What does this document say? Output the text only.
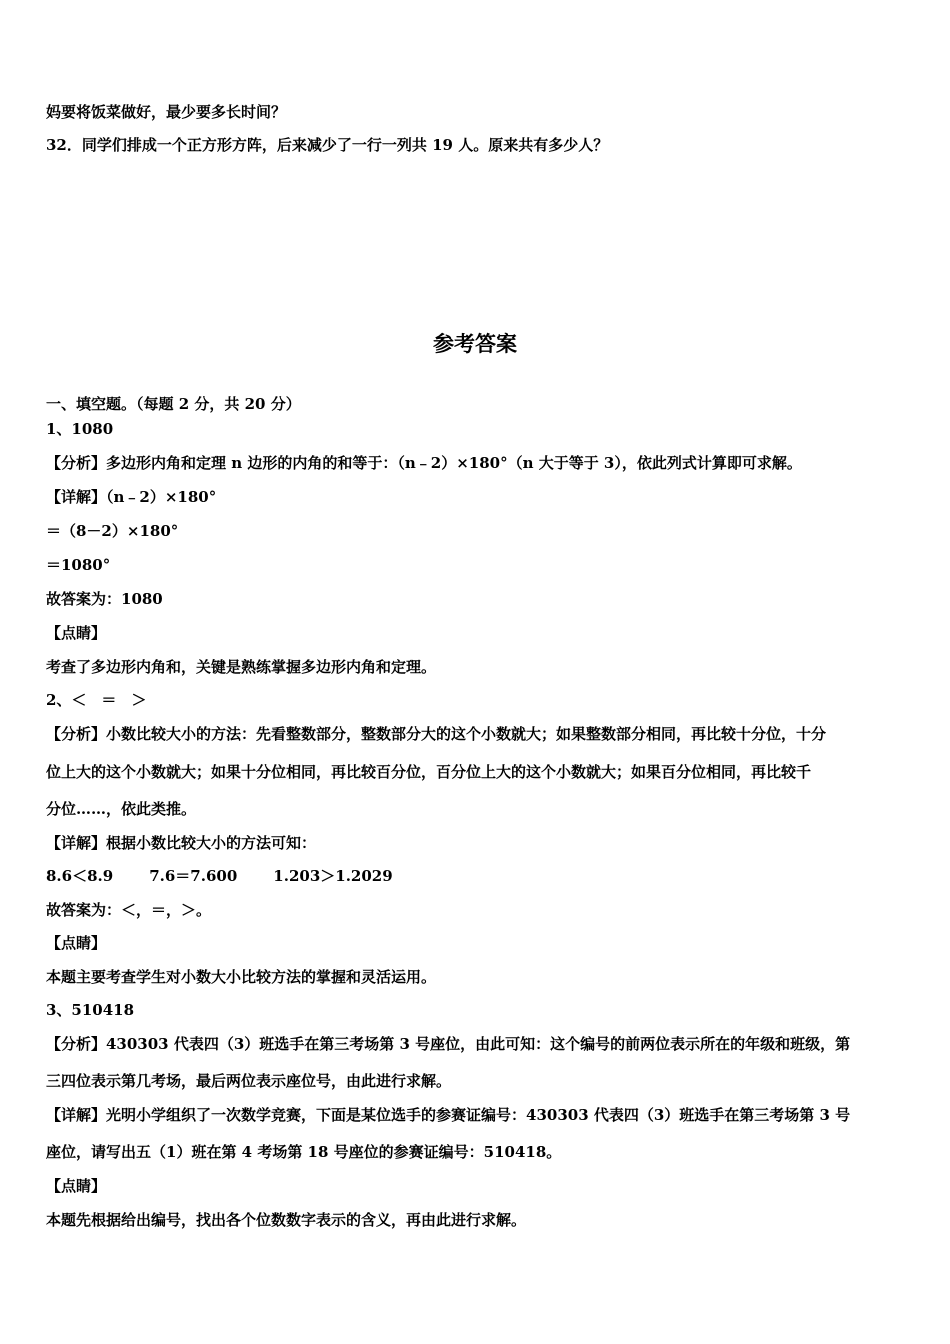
妈要将饭菜做好，最少要多长时间？
32．同学们排成一个正方形方阵，后来减少了一行一列共 19 人。原来共有多少人？
参考答案
一、填空题。（每题 2 分，共 20 分）
1、1080
【分析】多边形内角和定理 n 边形的内角的和等于：（n﹣2）×180°（n 大于等于 3），依此列式计算即可求解。
【详解】（n﹣2）×180°
＝（8－2）×180°
＝1080°
故答案为：1080
【点睛】
考查了多边形内角和，关键是熟练掌握多边形内角和定理。
2、＜　＝　＞
【分析】小数比较大小的方法：先看整数部分，整数部分大的这个小数就大；如果整数部分相同，再比较十分位，十分
位上大的这个小数就大；如果十分位相同，再比较百分位，百分位上大的这个小数就大；如果百分位相同，再比较千
分位……，依此类推。
【详解】根据小数比较大小的方法可知：
8.6＜8.9 7.6＝7.600 1.203＞1.2029
故答案为：＜，＝，＞。
【点睛】
本题主要考查学生对小数大小比较方法的掌握和灵活运用。
3、510418
【分析】430303 代表四（3）班选手在第三考场第 3 号座位，由此可知：这个编号的前两位表示所在的年级和班级，第
三四位表示第几考场，最后两位表示座位号，由此进行求解。
【详解】光明小学组织了一次数学竞赛，下面是某位选手的参赛证编号：430303 代表四（3）班选手在第三考场第 3 号
座位，请写出五（1）班在第 4 考场第 18 号座位的参赛证编号：510418。
【点睛】
本题先根据给出编号，找出各个位数数字表示的含义，再由此进行求解。
